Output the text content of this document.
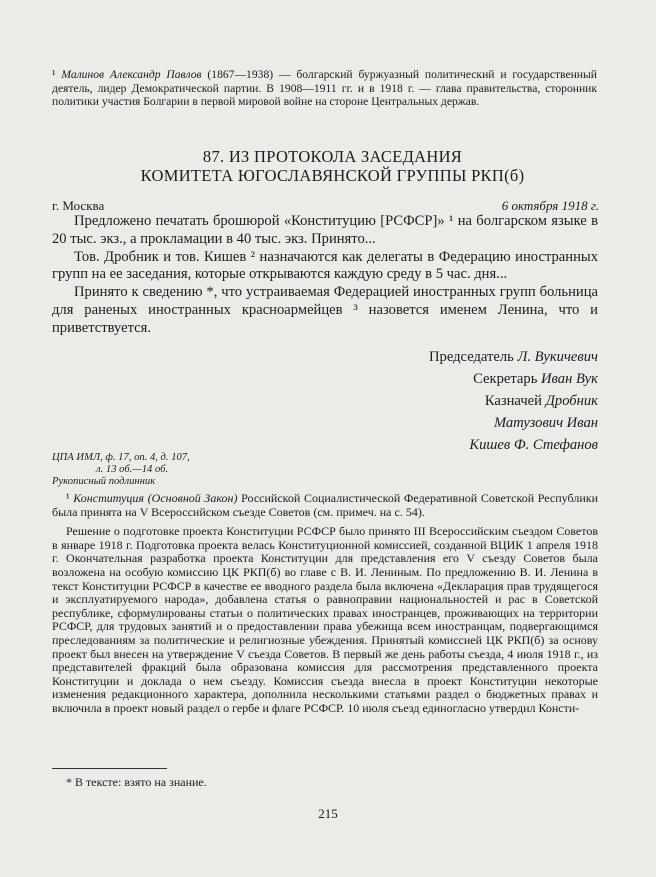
¹ Малинов Александр Павлов (1867—1938) — болгарский буржуазный политический и государственный деятель, лидер Демократической партии. В 1908—1911 гг. и в 1918 г. — глава правительства, сторонник политики участия Болгарии в первой мировой войне на стороне Центральных держав.
87. ИЗ ПРОТОКОЛА ЗАСЕДАНИЯ
КОМИТЕТА ЮГОСЛАВЯНСКОЙ ГРУППЫ РКП(б)
г. Москва	6 октября 1918 г.

Предложено печатать брошюрой «Конституцию [РСФСР]» ¹ на болгарском языке в 20 тыс. экз., а прокламации в 40 тыс. экз. Принято...

Тов. Дробник и тов. Кишев ² назначаются как делегаты в Федерацию иностранных групп на ее заседания, которые открываются каждую среду в 5 час. дня...

Принято к сведению *, что устраиваемая Федерацией иностранных групп больница для раненых иностранных красноармейцев ³ назовется именем Ленина, что и приветствуется.

Председатель Л. Вукичевич
Секретарь Иван Вук
Казначей Дробник
Матузович Иван
Кишев Ф. Стефанов
ЦПА ИМЛ, ф. 17, оп. 4, д. 107,
л. 13 об.—14 об.
Рукописный подлинник

¹ Конституция (Основной Закон) Российской Социалистической Федеративной Советской Республики была принята на V Всероссийском съезде Советов (см. примеч. на с. 54).

Решение о подготовке проекта Конституции РСФСР было принято III Всероссийским съездом Советов в январе 1918 г. Подготовка проекта велась Конституционной комиссией, созданной ВЦИК 1 апреля 1918 г. Окончательная разработка проекта Конституции для представления его V съезду Советов была возложена на особую комиссию ЦК РКП(б) во главе с В. И. Лениным. По предложению В. И. Ленина в текст Конституции РСФСР в качестве ее вводного раздела была включена «Декларация прав трудящегося и эксплуатируемого народа», добавлена статья о равноправии национальностей и рас в Советской республике, сформулированы статьи о политических правах иностранцев, проживающих на территории РСФСР, для трудовых занятий и о предоставлении права убежища всем иностранцам, подвергающимся преследованиям за политические и религиозные убеждения. Принятый комиссией ЦК РКП(б) за основу проект был внесен на утверждение V съезда Советов. В первый же день работы съезда, 4 июля 1918 г., из представителей фракций была образована комиссия для рассмотрения представленного проекта Конституции и доклада о нем съезду. Комиссия съезда внесла в проект Конституции некоторые изменения редакционного характера, дополнила несколькими статьями раздел о бюджетных правах и включила в проект новый раздел о гербе и флаге РСФСР. 10 июля съезд единогласно утвердил Консти-

* В тексте: взято на знание.
215
